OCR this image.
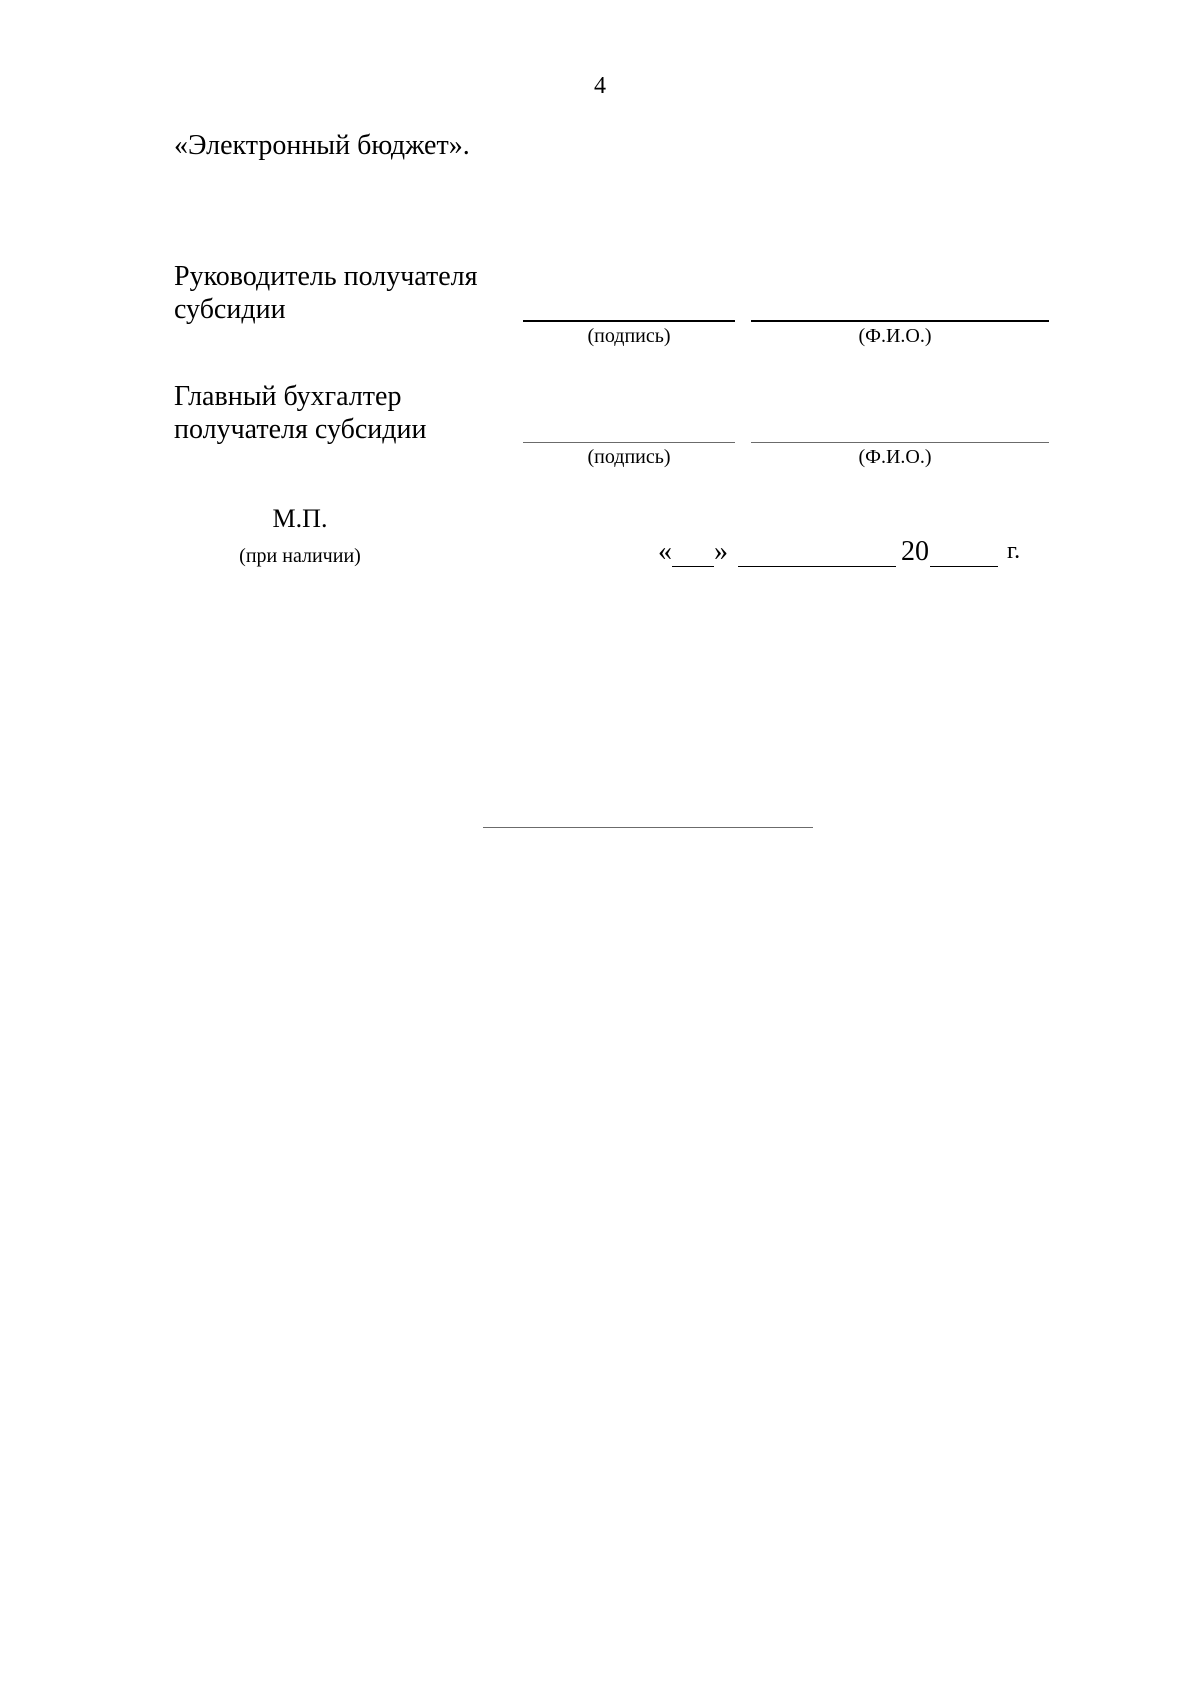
4
«Электронный бюджет».
Руководитель получателя субсидии
(подпись)	(Ф.И.О.)
Главный бухгалтер получателя субсидии
(подпись)	(Ф.И.О.)
М.П.
(при наличии)	« »	20	г.
